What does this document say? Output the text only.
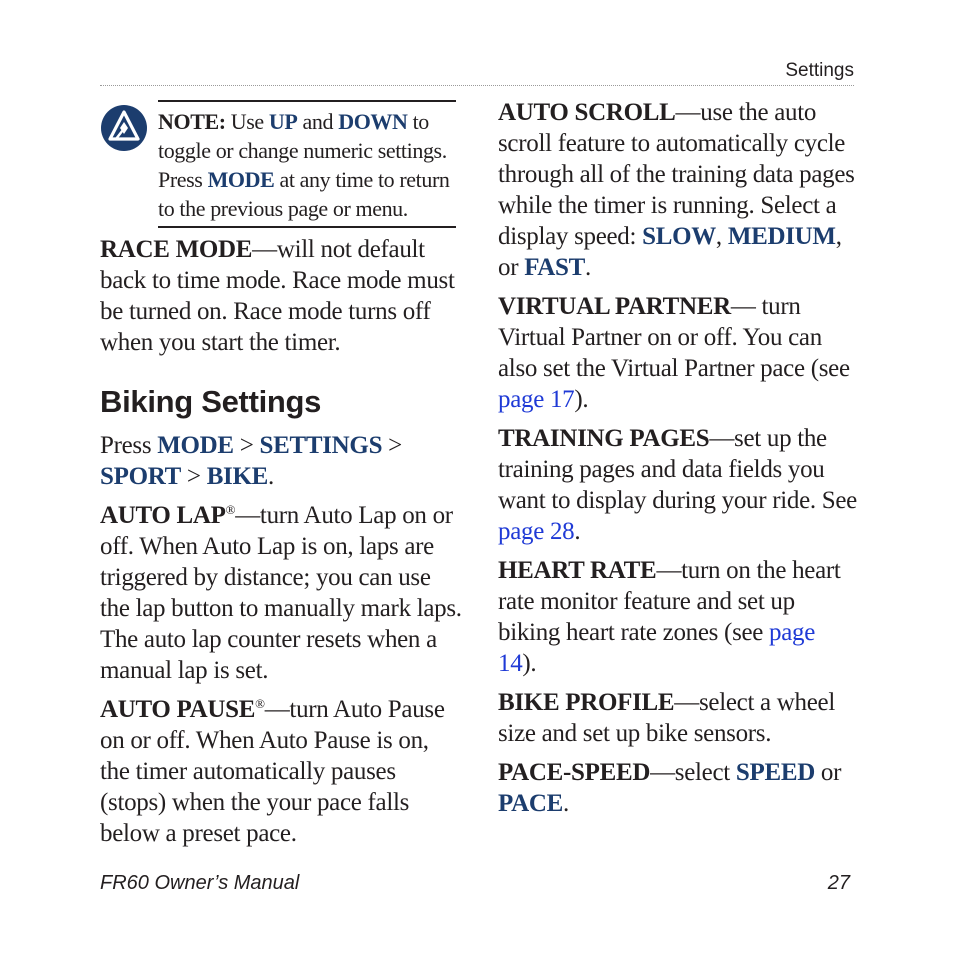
Settings

NOTE: Use UP and DOWN to toggle or change numeric settings. Press MODE at any time to return to the previous page or menu.

RACE MODE—will not default back to time mode. Race mode must be turned on. Race mode turns off when you start the timer.

Biking Settings

Press MODE > SETTINGS > SPORT > BIKE.

AUTO LAP®—turn Auto Lap on or off. When Auto Lap is on, laps are triggered by distance; you can use the lap button to manually mark laps. The auto lap counter resets when a manual lap is set.

AUTO PAUSE®—turn Auto Pause on or off. When Auto Pause is on, the timer automatically pauses (stops) when the your pace falls below a preset pace.

AUTO SCROLL—use the auto scroll feature to automatically cycle through all of the training data pages while the timer is running. Select a display speed: SLOW, MEDIUM, or FAST.

VIRTUAL PARTNER— turn Virtual Partner on or off. You can also set the Virtual Partner pace (see page 17).

TRAINING PAGES—set up the training pages and data fields you want to display during your ride. See page 28.

HEART RATE—turn on the heart rate monitor feature and set up biking heart rate zones (see page 14).

BIKE PROFILE—select a wheel size and set up bike sensors.

PACE-SPEED—select SPEED or PACE.

FR60 Owner’s Manual	27
